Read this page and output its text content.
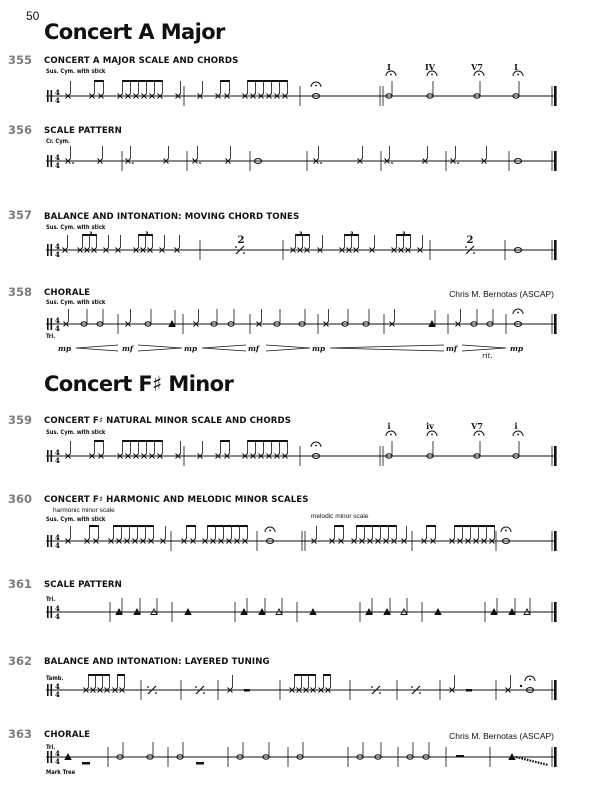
50
Concert A Major
Concert F♯ Minor
355 CONCERT A MAJOR SCALE AND CHORDS
Sus. Cym. with stick	I	IV	V7	I
356 SCALE PATTERN
Cr. Cym.
357 BALANCE AND INTONATION: MOVING CHORD TONES
Sus. Cym. with stick
2	2
358 CHORALE	Chris M. Bernotas (ASCAP)
Sus. Cym. with stick
Tri.
mp	mf	mp	mf	mp	mf	mp
rit.
359 CONCERT F♯ NATURAL MINOR SCALE AND CHORDS
Sus. Cym. with stick
i	iv	V7	i
360 CONCERT F♯ HARMONIC AND MELODIC MINOR SCALES
harmonic minor scale
Sus. Cym. with stick	melodic minor scale
361 SCALE PATTERN
Tri.
362 BALANCE AND INTONATION: LAYERED TUNING
Tamb.
363 CHORALE	Chris M. Bernotas (ASCAP)
Tri.
Mark Tree
4
4
4
4
4
4
4
4
4
4
4
4
4
4
4
4
4
4
